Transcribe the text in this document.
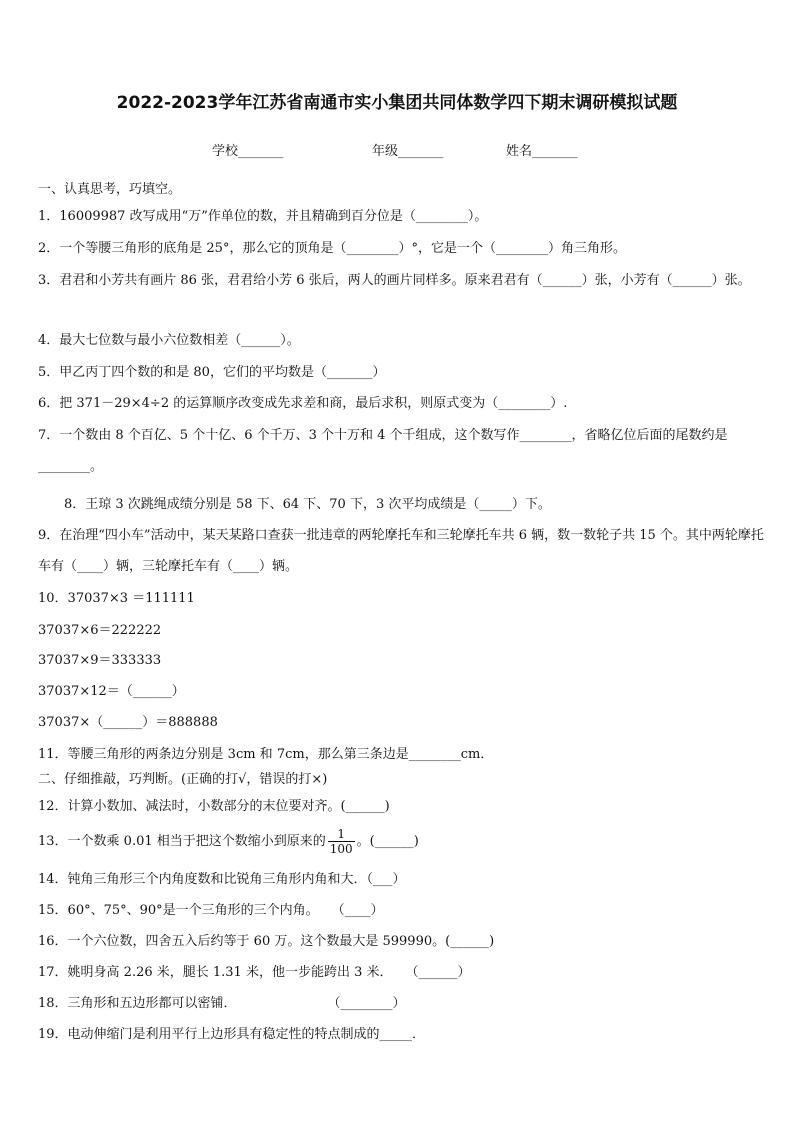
2022-2023学年江苏省南通市实小集团共同体数学四下期末调研模拟试题
学校_______	年级_______	姓名_______
一、认真思考，巧填空。
1．16009987 改写成用“万”作单位的数，并且精确到百分位是（________）。
2．一个等腰三角形的底角是 25°，那么它的顶角是（________）°，它是一个（________）角三角形。
3．君君和小芳共有画片 86 张，君君给小芳 6 张后，两人的画片同样多。原来君君有（______）张，小芳有（______）张。
4．最大七位数与最小六位数相差（______）。
5．甲乙丙丁四个数的和是 80，它们的平均数是（_______）
6．把 371－29×4÷2 的运算顺序改变成先求差和商，最后求积，则原式变为（________）.
7．一个数由 8 个百亿、5 个十亿、6 个千万、3 个十万和 4 个千组成，这个数写作________，省略亿位后面的尾数约是________。
8．王琼 3 次跳绳成绩分别是 58 下、64 下、70 下，3 次平均成绩是（_____）下。
9．在治理“四小车”活动中，某天某路口查获一批违章的两轮摩托车和三轮摩托车共 6 辆，数一数轮子共 15 个。其中两轮摩托车有（____）辆，三轮摩托车有（____）辆。
10．37037×3 ＝111111
37037×6＝222222
37037×9＝333333
37037×12＝（______）
37037×（______）＝888888
11．等腰三角形的两条边分别是 3cm 和 7cm，那么第三条边是________cm．
二、仔细推敲，巧判断。(正确的打√，错误的打×)
12．计算小数加、减法时，小数部分的末位要对齐。(______)
13．一个数乘 0.01 相当于把这个数缩小到原来的 $\frac{1}{100}$ 。(______)
14．钝角三角形三个内角度数和比锐角三角形内角和大．（___）
15．60°、75°、90°是一个三角形的三个内角。　　（____）
16．一个六位数，四舍五入后约等于 60 万。这个数最大是 599990。(______)
17．姚明身高 2.26 米，腿长 1.31 米，他一步能跨出 3 米．　　（______）
18．三角形和五边形都可以密铺．　　　　　　　　（________）
19．电动伸缩门是利用平行上边形具有稳定性的特点制成的_____．
